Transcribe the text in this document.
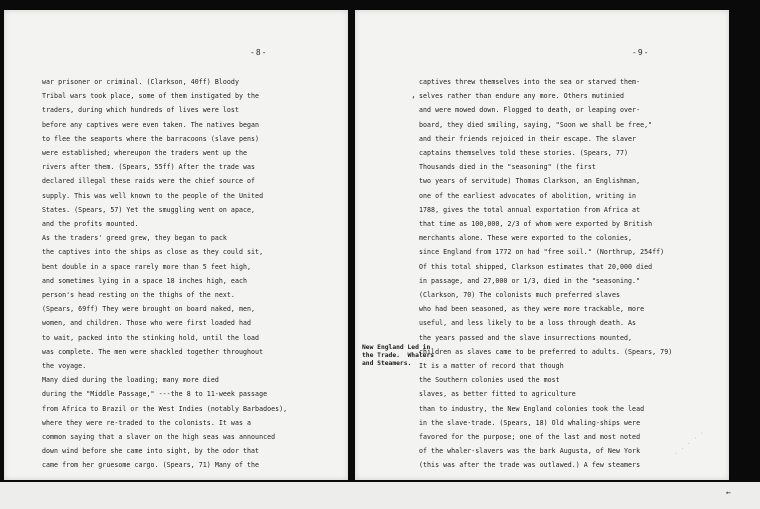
-8-
war prisoner or criminal. (Clarkson, 40ff) Bloody
Tribal wars took place, some of them instigated by the
traders, during which hundreds of lives were lost
before any captives were even taken. The natives began
to flee the seaports where the barracoons (slave pens)
were established; whereupon the traders went up the
rivers after them. (Spears, 55ff) After the trade was
declared illegal these raids were the chief source of
supply. This was well known to the people of the United
States. (Spears, 57) Yet the smuggling went on apace,
and the profits mounted.
As the traders' greed grew, they began to pack
the captives into the ships as close as they could sit,
bent double in a space rarely more than 5 feet high,
and sometimes lying in a space 18 inches high, each
person's head resting on the thighs of the next.
(Spears, 69ff) They were brought on board naked, men,
women, and children. Those who were first loaded had
to wait, packed into the stinking hold, until the load
was complete. The men were shackled together throughout
the voyage.
Many died during the loading; many more died
during the "Middle Passage," ---the 8 to 11-week passage
from Africa to Brazil or the West Indies (notably Barbadoes),
where they were re-traded to the colonists. It was a
common saying that a slaver on the high seas was announced
down wind before she came into sight, by the odor that
came from her gruesome cargo. (Spears, 71) Many of the
-9-
‘
captives threw themselves into the sea or starved them-
selves rather than endure any more. Others mutinied
and were mowed down. Flogged to death, or leaping over-
board, they died smiling, saying, "Soon we shall be free,"
and their friends rejoiced in their escape. The slaver
captains themselves told these stories. (Spears, 77)
Thousands died in the "seasoning" (the first
two years of servitude) Thomas Clarkson, an Englishman,
one of the earliest advocates of abolition, writing in
1788, gives the total annual exportation from Africa at
that time as 100,000, 2/3 of whom were exported by British
merchants alone. These were exported to the colonies,
since England from 1772 on had "free soil." (Northrup, 254ff)
Of this total shipped, Clarkson estimates that 20,000 died
in passage, and 27,000 or 1/3, died in the "seasoning."
(Clarkson, 70) The colonists much preferred slaves
who had been seasoned, as they were more trackable, more
useful, and less likely to be a loss through death. As
the years passed and the slave insurrections mounted,
children as slaves came to be preferred to adults. (Spears, 79)
It is a matter of record that though
the Southern colonies used the most
slaves, as better fitted to agriculture
than to industry, the New England colonies took the lead
in the slave-trade. (Spears, 18) Old whaling-ships were
favored for the purpose; one of the last and most noted
of the whaler-slavers was the bark Augusta, of New York
(this was after the trade was outlawed.) A few steamers
New England Led in
the Trade.  Whalers
and Steamers.
· · · · ·
←
